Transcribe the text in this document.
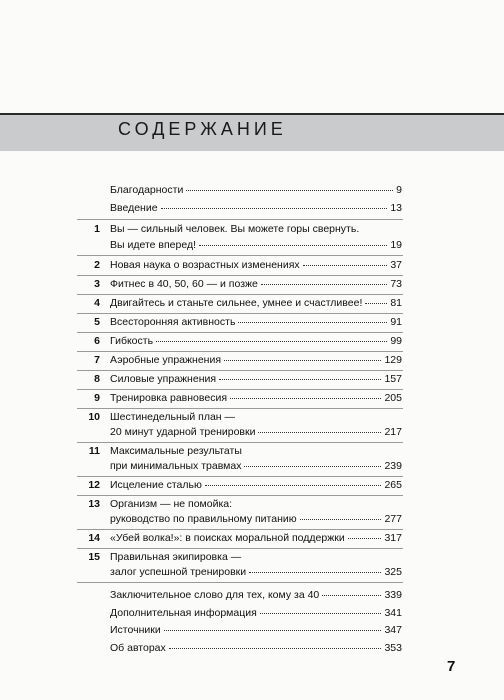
СОДЕРЖАНИЕ
Благодарности	9
Введение	13
1 Вы — сильный человек. Вы можете горы свернуть.
Вы идете вперед!	19
2 Новая наука о возрастных изменениях	37
3 Фитнес в 40, 50, 60 — и позже	73
4 Двигайтесь и станьте сильнее, умнее и счастливее!	81
5 Всесторонняя активность	91
6 Гибкость	99
7 Аэробные упражнения	129
8 Силовые упражнения	157
9 Тренировка равновесия	205
10 Шестинедельный план —
20 минут ударной тренировки	217
11 Максимальные результаты
при минимальных травмах	239
12 Исцеление сталью	265
13 Организм — не помойка:
руководство по правильному питанию	277
14 «Убей волка!»: в поисках моральной поддержки	317
15 Правильная экипировка —
залог успешной тренировки	325
Заключительное слово для тех, кому за 40	339
Дополнительная информация	341
Источники	347
Об авторах	353
7
